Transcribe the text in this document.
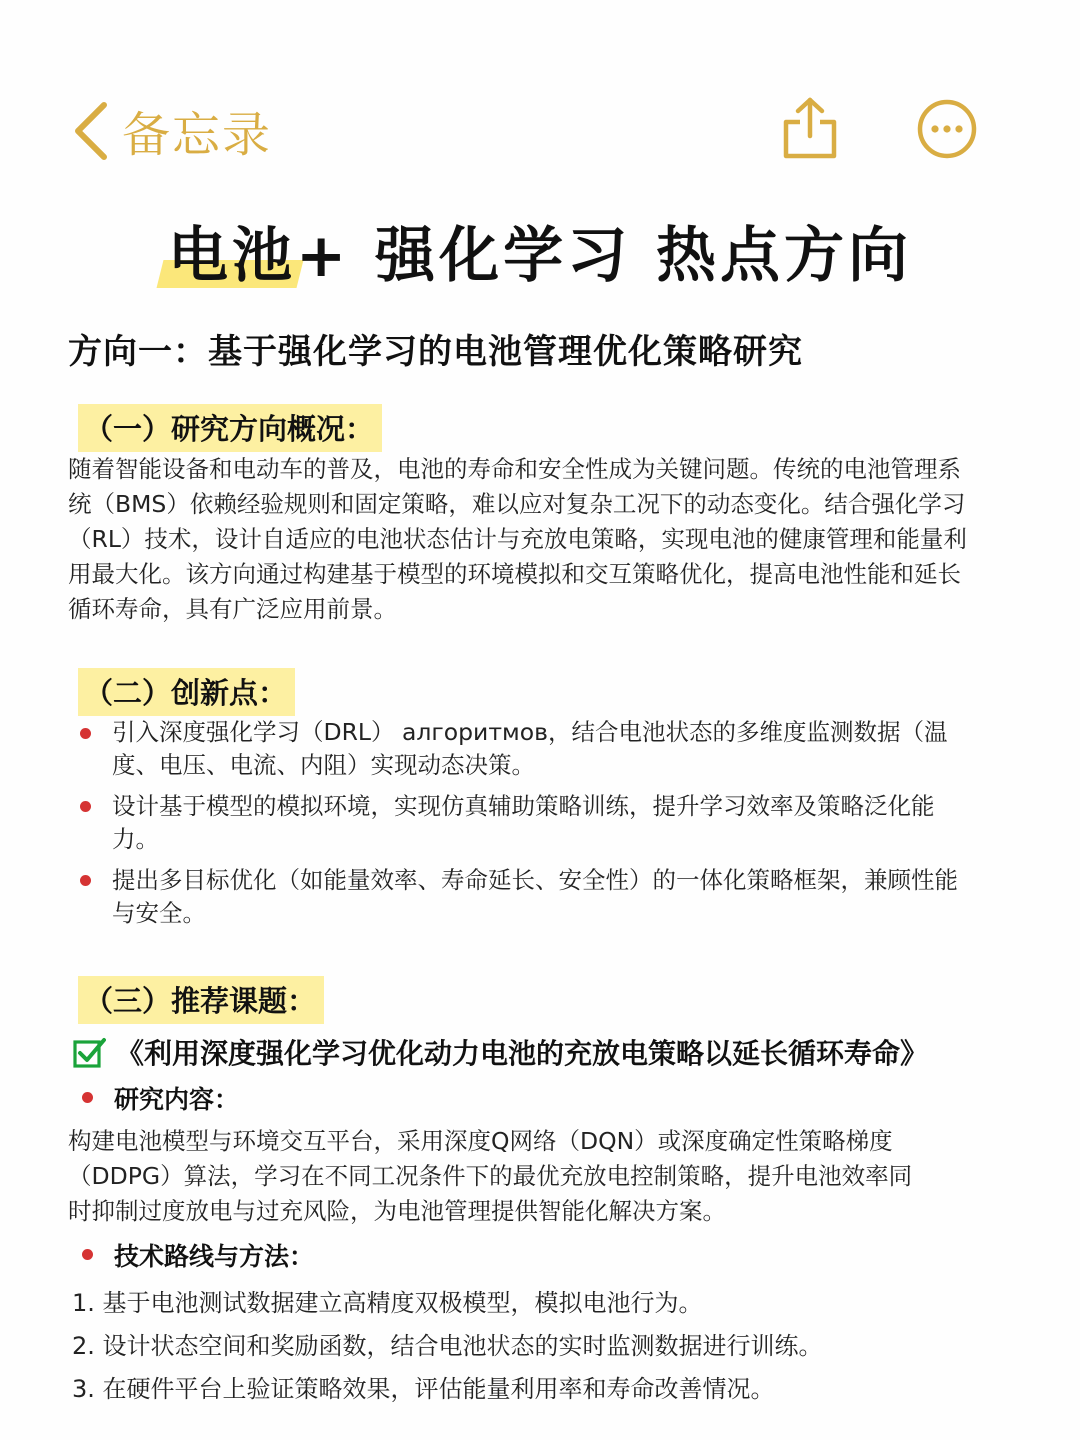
备忘录
电池+ 强化学习 热点方向
方向一：基于强化学习的电池管理优化策略研究
（一）研究方向概况：
随着智能设备和电动车的普及，电池的寿命和安全性成为关键问题。传统的电池管理系
统（BMS）依赖经验规则和固定策略，难以应对复杂工况下的动态变化。结合强化学习
（RL）技术，设计自适应的电池状态估计与充放电策略，实现电池的健康管理和能量利
用最大化。该方向通过构建基于模型的环境模拟和交互策略优化，提高电池性能和延长
循环寿命，具有广泛应用前景。
（二）创新点：
引入深度强化学习（DRL） алгоритмов，结合电池状态的多维度监测数据（温
度、电压、电流、内阻）实现动态决策。
设计基于模型的模拟环境，实现仿真辅助策略训练，提升学习效率及策略泛化能
力。
提出多目标优化（如能量效率、寿命延长、安全性）的一体化策略框架，兼顾性能
与安全。
（三）推荐课题：
《利用深度强化学习优化动力电池的充放电策略以延长循环寿命》
研究内容：
构建电池模型与环境交互平台，采用深度Q网络（DQN）或深度确定性策略梯度
（DDPG）算法，学习在不同工况条件下的最优充放电控制策略，提升电池效率同
时抑制过度放电与过充风险，为电池管理提供智能化解决方案。
技术路线与方法：
1. 基于电池测试数据建立高精度双极模型，模拟电池行为。
2. 设计状态空间和奖励函数，结合电池状态的实时监测数据进行训练。
3. 在硬件平台上验证策略效果，评估能量利用率和寿命改善情况。
